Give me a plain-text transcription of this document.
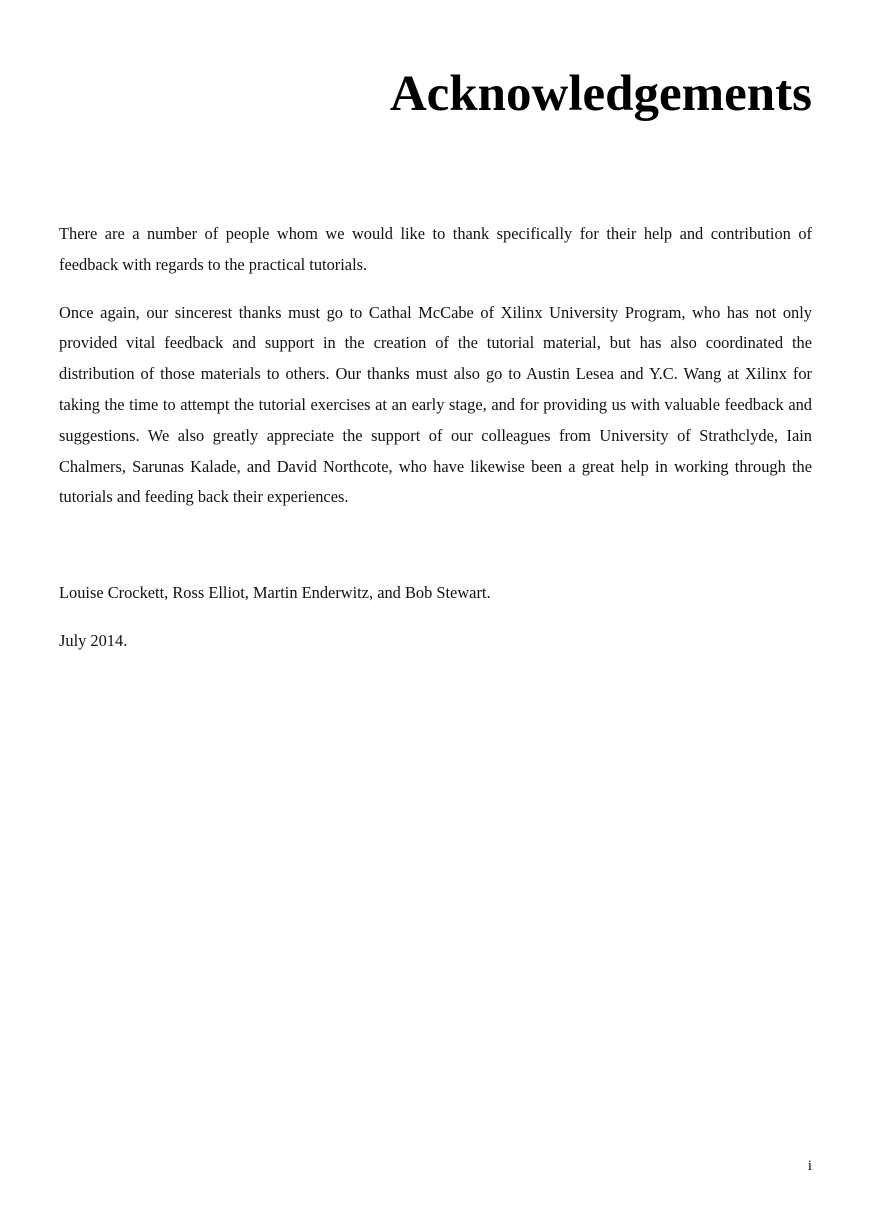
Acknowledgements

There are a number of people whom we would like to thank specifically for their help and contribution of feedback with regards to the practical tutorials.

Once again, our sincerest thanks must go to Cathal McCabe of Xilinx University Program, who has not only provided vital feedback and support in the creation of the tutorial material, but has also coordinated the distribution of those materials to others. Our thanks must also go to Austin Lesea and Y.C. Wang at Xilinx for taking the time to attempt the tutorial exercises at an early stage, and for providing us with valuable feedback and suggestions. We also greatly appreciate the support of our colleagues from University of Strathclyde, Iain Chalmers, Sarunas Kalade, and David Northcote, who have likewise been a great help in working through the tutorials and feeding back their experiences.

Louise Crockett, Ross Elliot, Martin Enderwitz, and Bob Stewart.

July 2014.

i
